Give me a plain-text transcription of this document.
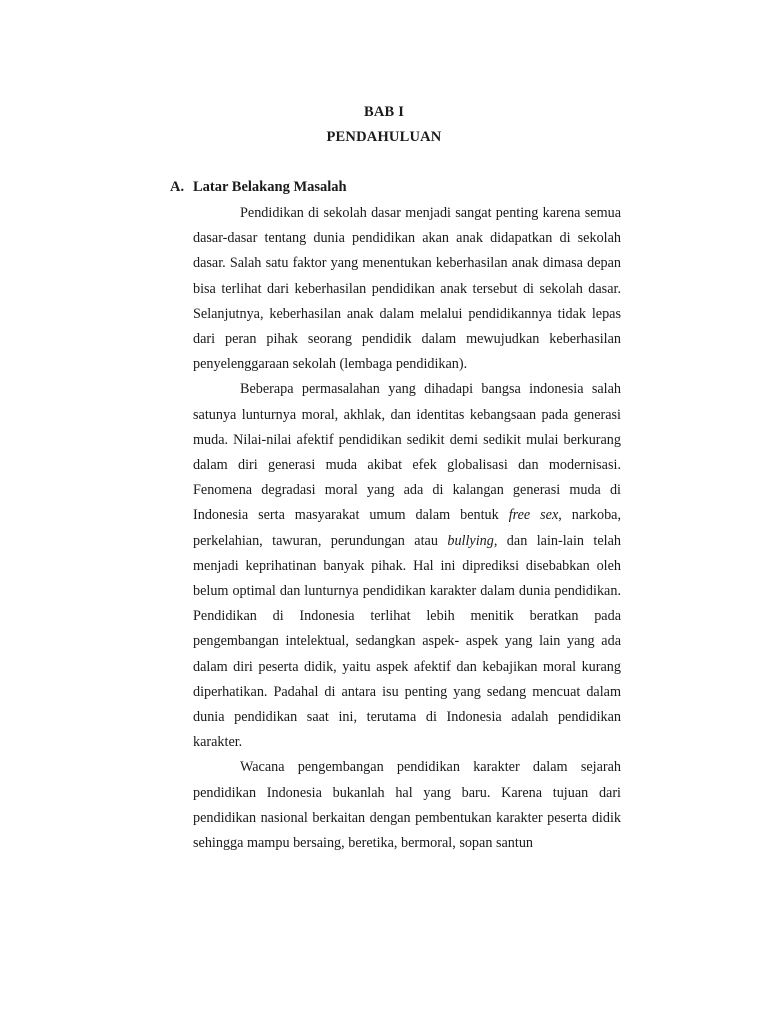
BAB I
PENDAHULUAN
A. Latar Belakang Masalah

Pendidikan di sekolah dasar menjadi sangat penting karena semua dasar-dasar tentang dunia pendidikan akan anak didapatkan di sekolah dasar. Salah satu faktor yang menentukan keberhasilan anak dimasa depan bisa terlihat dari keberhasilan pendidikan anak tersebut di sekolah dasar. Selanjutnya, keberhasilan anak dalam melalui pendidikannya tidak lepas dari peran pihak seorang pendidik dalam mewujudkan keberhasilan penyelenggaraan sekolah (lembaga pendidikan).

Beberapa permasalahan yang dihadapi bangsa indonesia salah satunya lunturnya moral, akhlak, dan identitas kebangsaan pada generasi muda. Nilai-nilai afektif pendidikan sedikit demi sedikit mulai berkurang dalam diri generasi muda akibat efek globalisasi dan modernisasi. Fenomena degradasi moral yang ada di kalangan generasi muda di Indonesia serta masyarakat umum dalam bentuk free sex, narkoba, perkelahian, tawuran, perundungan atau bullying, dan lain-lain telah menjadi keprihatinan banyak pihak. Hal ini diprediksi disebabkan oleh belum optimal dan lunturnya pendidikan karakter dalam dunia pendidikan. Pendidikan di Indonesia terlihat lebih menitik beratkan pada pengembangan intelektual, sedangkan aspek- aspek yang lain yang ada dalam diri peserta didik, yaitu aspek afektif dan kebajikan moral kurang diperhatikan. Padahal di antara isu penting yang sedang mencuat dalam dunia pendidikan saat ini, terutama di Indonesia adalah pendidikan karakter.

Wacana pengembangan pendidikan karakter dalam sejarah pendidikan Indonesia bukanlah hal yang baru. Karena tujuan dari pendidikan nasional berkaitan dengan pembentukan karakter peserta didik sehingga mampu bersaing, beretika, bermoral, sopan santun
